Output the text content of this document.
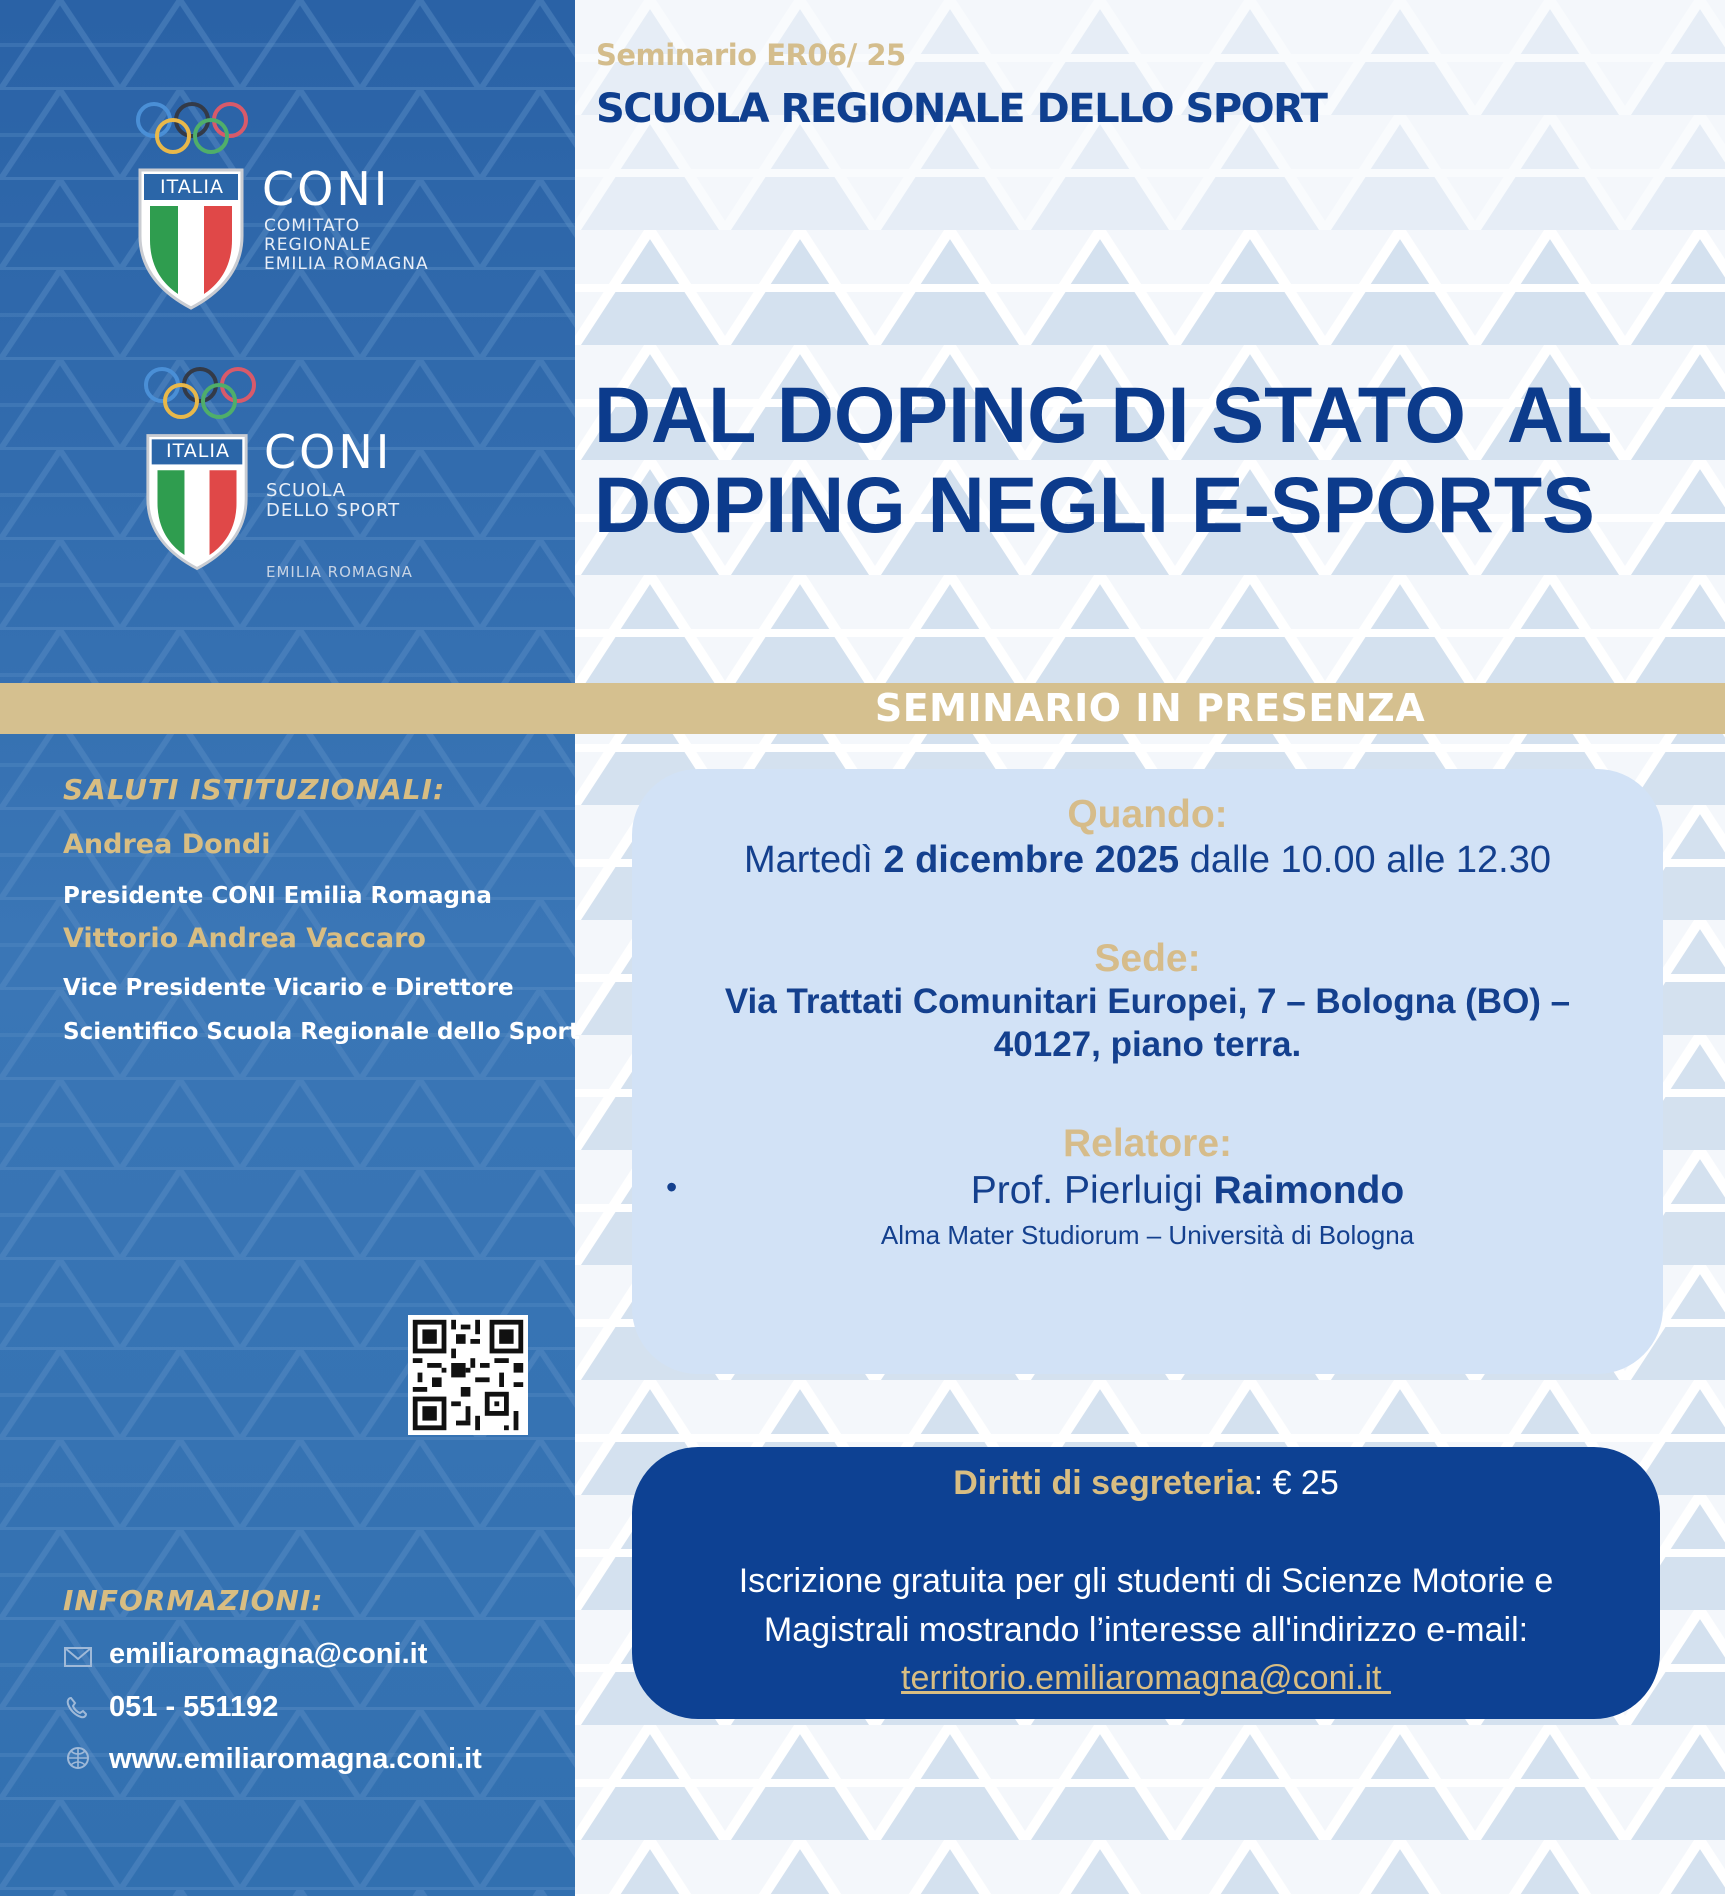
Seminario ER06/ 25
SCUOLA REGIONALE DELLO SPORT
DAL DOPING DI STATO  AL
DOPING NEGLI E-SPORTS
ITALIA CONI
COMITATO
REGIONALE
EMILIA ROMAGNA
ITALIA CONI
SCUOLA
DELLO SPORT
EMILIA ROMAGNA
SEMINARIO IN PRESENZA
SALUTI ISTITUZIONALI:
Andrea Dondi
Presidente CONI Emilia Romagna
Vittorio Andrea Vaccaro
Vice Presidente Vicario e Direttore
Scientifico Scuola Regionale dello Sport
INFORMAZIONI:
emiliaromagna@coni.it
051 - 551192
www.emiliaromagna.coni.it
Quando:
Martedì 2 dicembre 2025 dalle 10.00 alle 12.30
Sede:
Via Trattati Comunitari Europei, 7 – Bologna (BO) –
40127, piano terra.
Relatore:
•	Prof. Pierluigi Raimondo
Alma Mater Studiorum – Università di Bologna
Diritti di segreteria: € 25
Iscrizione gratuita per gli studenti di Scienze Motorie e
Magistrali mostrando l’interesse all'indirizzo e-mail:
territorio.emiliaromagna@coni.it
